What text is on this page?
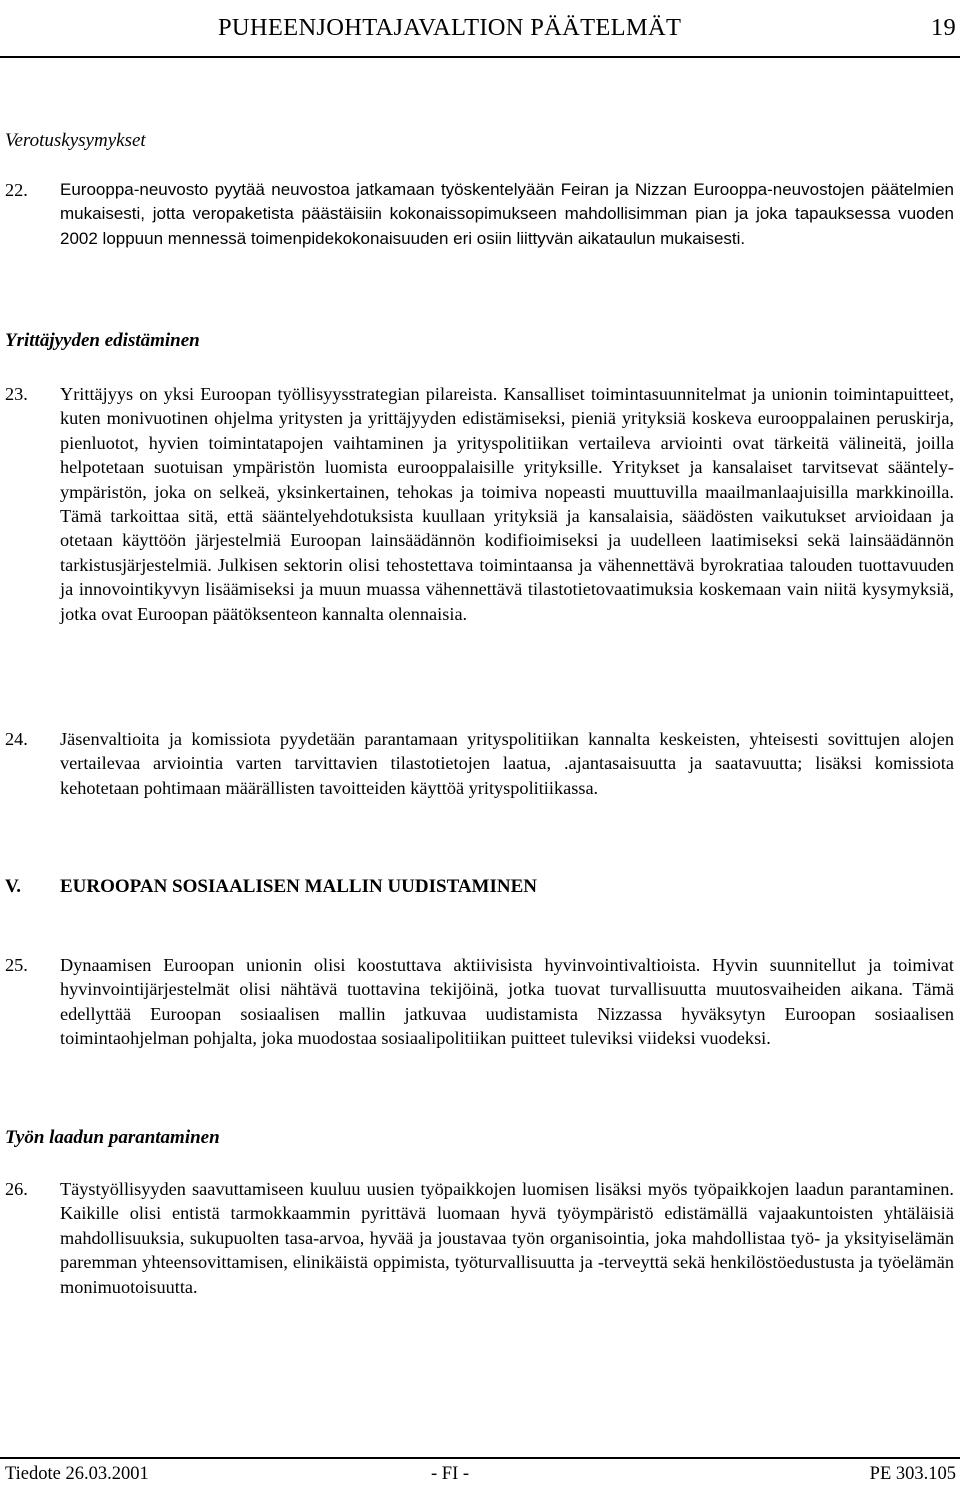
PUHEENJOHTAJAVALTION PÄÄTELMÄT	19
Verotuskysymykset
22. Eurooppa-neuvosto pyytää neuvostoa jatkamaan työskentelyään Feiran ja Nizzan Eurooppa-neuvostojen päätelmien mukaisesti, jotta veropaketista päästäisiin kokonaissopimukseen mahdollisimman pian ja joka tapauksessa vuoden 2002 loppuun mennessä toimenpidekokonaisuuden eri osiin liittyvän aikataulun mukaisesti.
Yrittäjyyden edistäminen
23. Yrittäjyys on yksi Euroopan työllisyysstrategian pilareista. Kansalliset toimintasuunnitelmat ja unionin toimintapuitteet, kuten monivuotinen ohjelma yritysten ja yrittäjyyden edistämiseksi, pieniä yrityksiä koskeva eurooppalainen peruskirja, pienluotot, hyvien toimintatapojen vaihtaminen ja yrityspolitiikan vertaileva arviointi ovat tärkeitä välineitä, joilla helpotetaan suotuisan ympäristön luomista eurooppalaisille yrityksille. Yritykset ja kansalaiset tarvitsevat sääntely-ympäristön, joka on selkeä, yksinkertainen, tehokas ja toimiva nopeasti muuttuvilla maailmanlaajuisilla markkinoilla. Tämä tarkoittaa sitä, että sääntelyehdotuksista kuullaan yrityksiä ja kansalaisia, säädösten vaikutukset arvioidaan ja otetaan käyttöön järjestelmiä Euroopan lainsäädännön kodifioimiseksi ja uudelleen laatimiseksi sekä lainsäädännön tarkistusjärjestelmiä. Julkisen sektorin olisi tehostettava toimintaansa ja vähennettävä byrokratiaa talouden tuottavuuden ja innovointikyvyn lisäämiseksi ja muun muassa vähennettävä tilastotietovaatimuksia koskemaan vain niitä kysymyksiä, jotka ovat Euroopan päätöksenteon kannalta olennaisia.
24. Jäsenvaltioita ja komissiota pyydetään parantamaan yrityspolitiikan kannalta keskeisten, yhteisesti sovittujen alojen vertailevaa arviointia varten tarvittavien tilastotietojen laatua, .ajantasaisuutta ja saatavuutta; lisäksi komissiota kehotetaan pohtimaan määrällisten tavoitteiden käyttöä yrityspolitiikassa.
V. EUROOPAN SOSIAALISEN MALLIN UUDISTAMINEN
25. Dynaamisen Euroopan unionin olisi koostuttava aktiivisista hyvinvointivaltioista. Hyvin suunnitellut ja toimivat hyvinvointijärjestelmät olisi nähtävä tuottavina tekijöinä, jotka tuovat turvallisuutta muutosvaiheiden aikana. Tämä edellyttää Euroopan sosiaalisen mallin jatkuvaa uudistamista Nizzassa hyväksytyn Euroopan sosiaalisen toimintaohjelman pohjalta, joka muodostaa sosiaalipolitiikan puitteet tuleviksi viideksi vuodeksi.
Työn laadun parantaminen
26. Täystyöllisyyden saavuttamiseen kuuluu uusien työpaikkojen luomisen lisäksi myös työpaikkojen laadun parantaminen. Kaikille olisi entistä tarmokkaammin pyrittävä luomaan hyvä työympäristö edistämällä vajaakuntoisten yhtäläisiä mahdollisuuksia, sukupuolten tasa-arvoa, hyvää ja joustavaa työn organisointia, joka mahdollistaa työ- ja yksityiselämän paremman yhteensovittamisen, elinikäistä oppimista, työturvallisuutta ja -terveyttä sekä henkilöstöedustusta ja työelämän monimuotoisuutta.
Tiedote 26.03.2001	- FI -	PE 303.105
